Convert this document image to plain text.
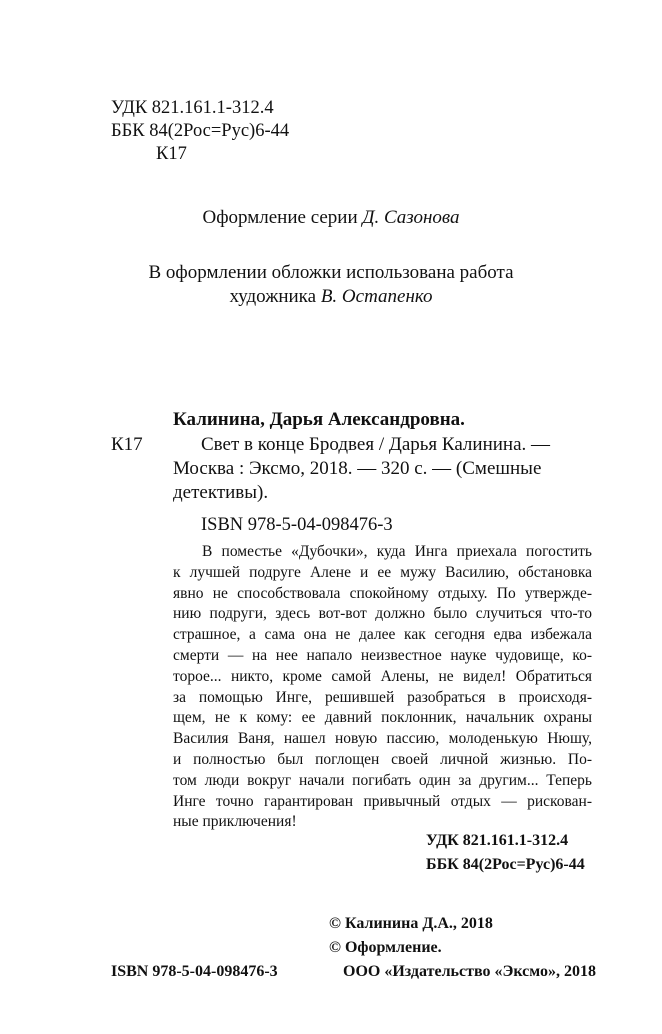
УДК 821.161.1-312.4
ББК 84(2Рос=Рус)6-44
К17
Оформление серии Д. Сазонова
В оформлении обложки использована работа
художника В. Остапенко
Калинина, Дарья Александровна.
К17	Свет в конце Бродвея / Дарья Калинина. —
Москва : Эксмо, 2018. — 320 с. — (Смешные
детективы).
ISBN 978-5-04-098476-3

В поместье «Дубочки», куда Инга приехала погостить

к лучшей подруге Алене и ее мужу Василию, обстановка

явно не способствовала спокойному отдыху. По утвержде-

нию подруги, здесь вот-вот должно было случиться что-то

страшное, а сама она не далее как сегодня едва избежала

смерти — на нее напало неизвестное науке чудовище, ко-

торое... никто, кроме самой Алены, не видел! Обратиться

за помощью Инге, решившей разобраться в происходя-

щем, не к кому: ее давний поклонник, начальник охраны

Василия Ваня, нашел новую пассию, молоденькую Нюшу,

и полностью был поглощен своей личной жизнью. По-

том люди вокруг начали погибать один за другим... Теперь

Инге точно гарантирован привычный отдых — рискован-

ные приключения!

УДК 821.161.1-312.4
ББК 84(2Рос=Рус)6-44
© Калинина Д.А., 2018
© Оформление.
ISBN 978-5-04-098476-3	ООО «Издательство «Эксмо», 2018
